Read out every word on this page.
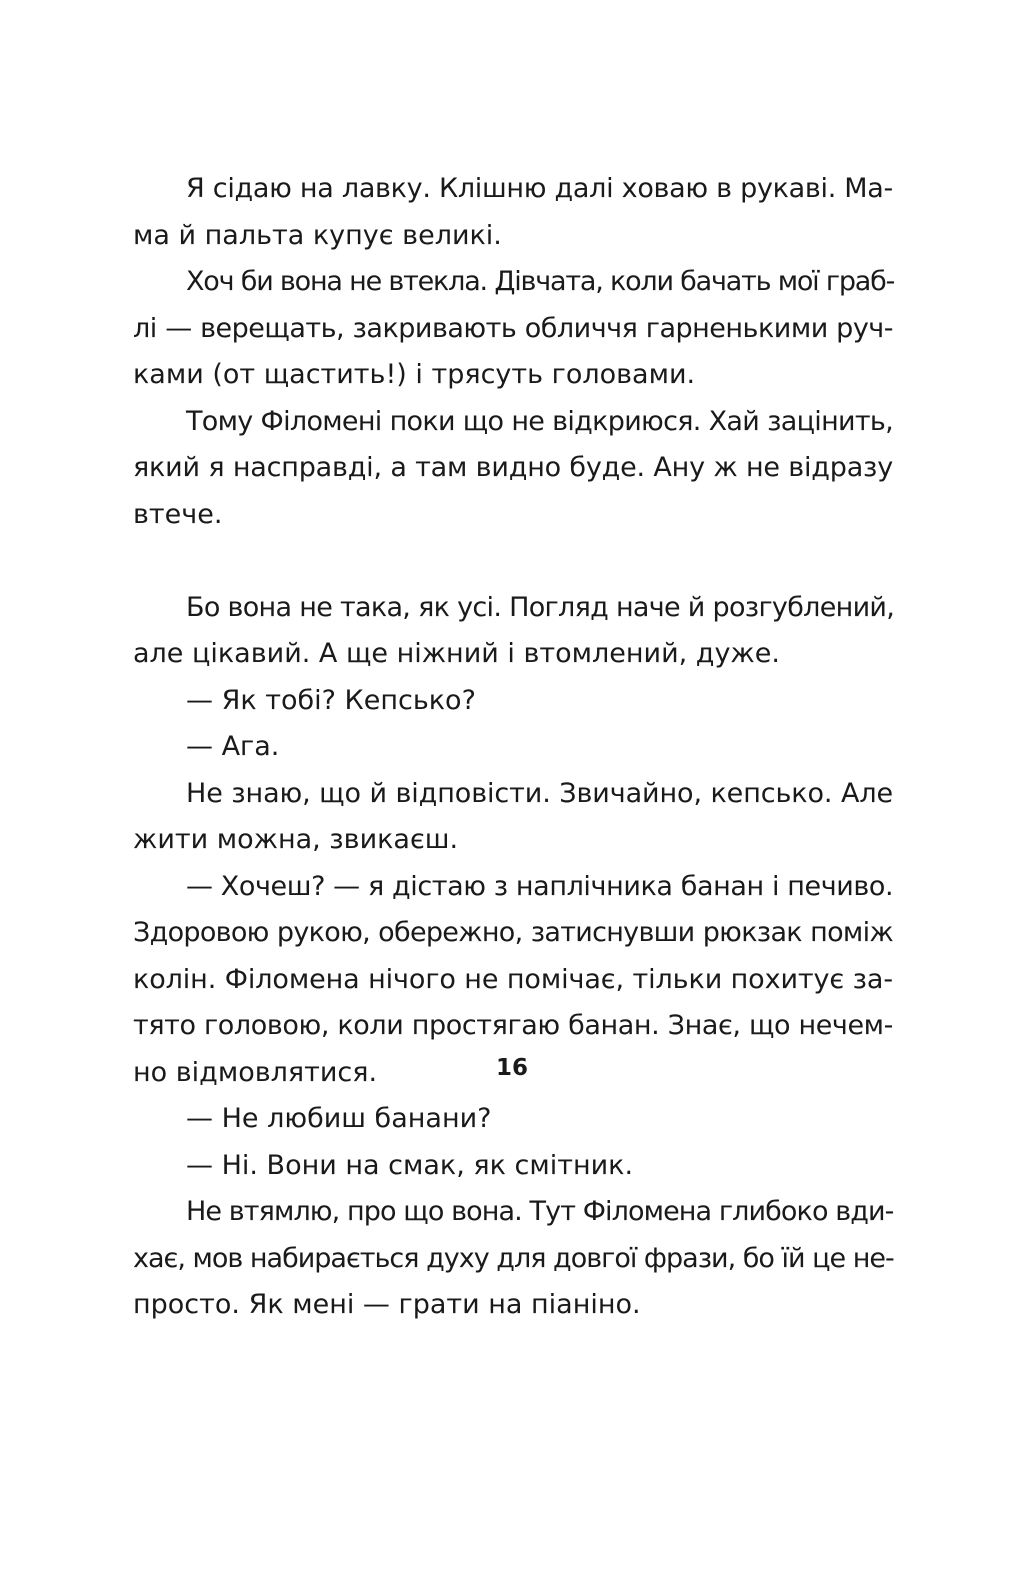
Я сідаю на лавку. Клішню далі ховаю в рукаві. Ма-
ма й пальта купує великі.
Хоч би вона не втекла. Дівчата, коли бачать мої граб-
лі — верещать, закривають обличчя гарненькими руч-
ками (от щастить!) і трясуть головами.
Тому Філомені поки що не відкриюся. Хай зацінить,
який я насправді, а там видно буде. Ану ж не відразу
втече.
Бо вона не така, як усі. Погляд наче й розгублений,
але цікавий. А ще ніжний і втомлений, дуже.
— Як тобі? Кепсько?
— Ага.
Не знаю, що й відповісти. Звичайно, кепсько. Але
жити можна, звикаєш.
— Хочеш? — я дістаю з наплічника банан і печиво.
Здоровою рукою, обережно, затиснувши рюкзак поміж
колін. Філомена нічого не помічає, тільки похитує за-
тято головою, коли простягаю банан. Знає, що нечем-
но відмовлятися.
— Не любиш банани?
— Ні. Вони на смак, як смітник.
Не втямлю, про що вона. Тут Філомена глибоко вди-
хає, мов набирається духу для довгої фрази, бо їй це не-
просто. Як мені — грати на піаніно.
16
